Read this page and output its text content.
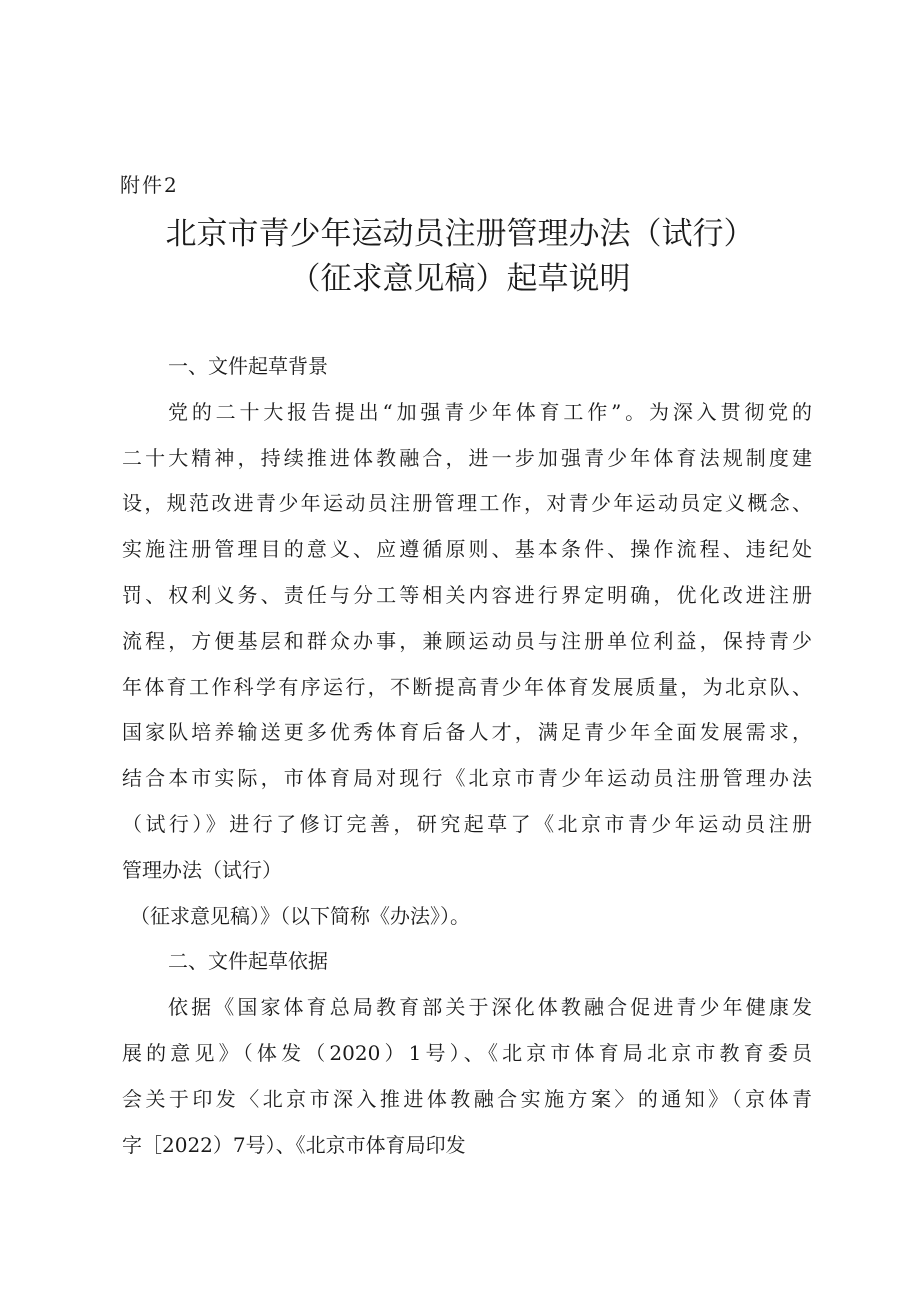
附件2
北京市青少年运动员注册管理办法（试行）
（征求意见稿）起草说明
一、文件起草背景
党的二十大报告提出“加强青少年体育工作”。为深入贯彻党的
二十大精神，持续推进体教融合，进一步加强青少年体育法规制度建
设，规范改进青少年运动员注册管理工作，对青少年运动员定义概念、
实施注册管理目的意义、应遵循原则、基本条件、操作流程、违纪处
罚、权利义务、责任与分工等相关内容进行界定明确，优化改进注册
流程，方便基层和群众办事，兼顾运动员与注册单位利益，保持青少
年体育工作科学有序运行，不断提高青少年体育发展质量，为北京队、
国家队培养输送更多优秀体育后备人才，满足青少年全面发展需求，
结合本市实际，市体育局对现行《北京市青少年运动员注册管理办法
（试行）》进行了修订完善，研究起草了《北京市青少年运动员注册
管理办法（试行）
（征求意见稿）》（以下简称《办法》）。
二、文件起草依据
依据《国家体育总局教育部关于深化体教融合促进青少年健康发
展的意见》（体发（2020）1号）、《北京市体育局北京市教育委员
会关于印发〈北京市深入推进体教融合实施方案〉的通知》（京体青
字［2022）7号）、《北京市体育局印发
